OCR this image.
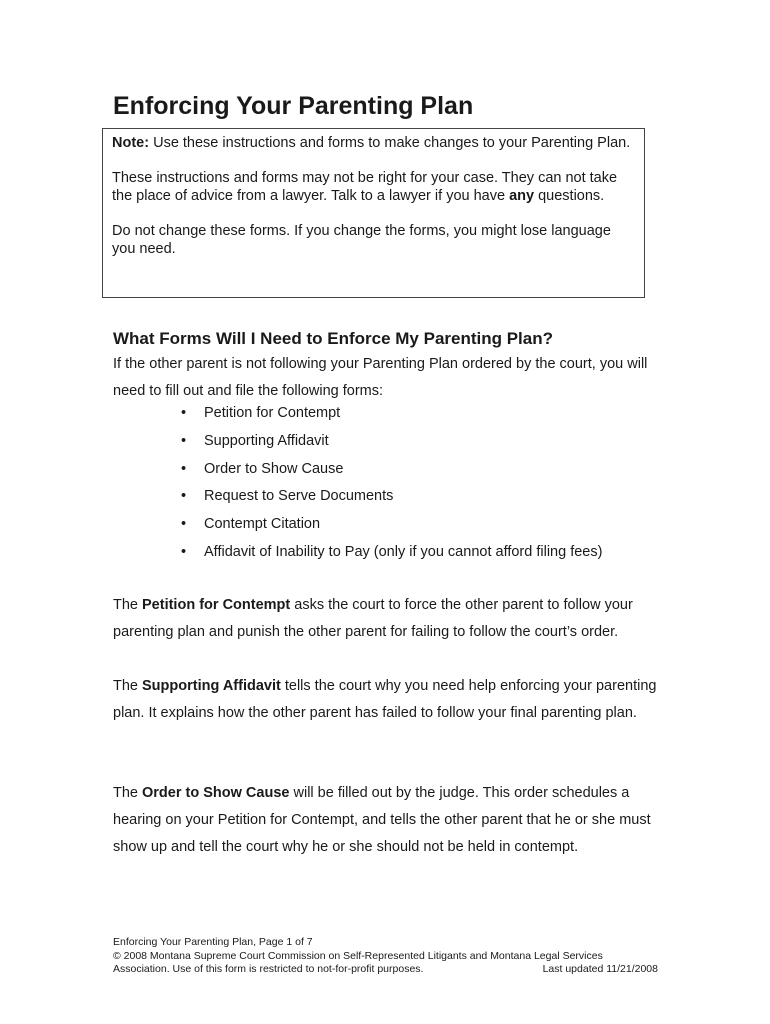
Enforcing Your Parenting Plan

Note: Use these instructions and forms to make changes to your Parenting Plan.

These instructions and forms may not be right for your case. They can not take the place of advice from a lawyer. Talk to a lawyer if you have any questions.

Do not change these forms. If you change the forms, you might lose language you need.

What Forms Will I Need to Enforce My Parenting Plan?

If the other parent is not following your Parenting Plan ordered by the court, you will need to fill out and file the following forms:

• Petition for Contempt
• Supporting Affidavit
• Order to Show Cause
• Request to Serve Documents
• Contempt Citation
• Affidavit of Inability to Pay (only if you cannot afford filing fees)

The Petition for Contempt asks the court to force the other parent to follow your parenting plan and punish the other parent for failing to follow the court’s order.

The Supporting Affidavit tells the court why you need help enforcing your parenting plan. It explains how the other parent has failed to follow your final parenting plan.

The Order to Show Cause will be filled out by the judge. This order schedules a hearing on your Petition for Contempt, and tells the other parent that he or she must show up and tell the court why he or she should not be held in contempt.

Enforcing Your Parenting Plan, Page 1 of 7
© 2008 Montana Supreme Court Commission on Self-Represented Litigants and Montana Legal Services
Association. Use of this form is restricted to not-for-profit purposes.	Last updated 11/21/2008
